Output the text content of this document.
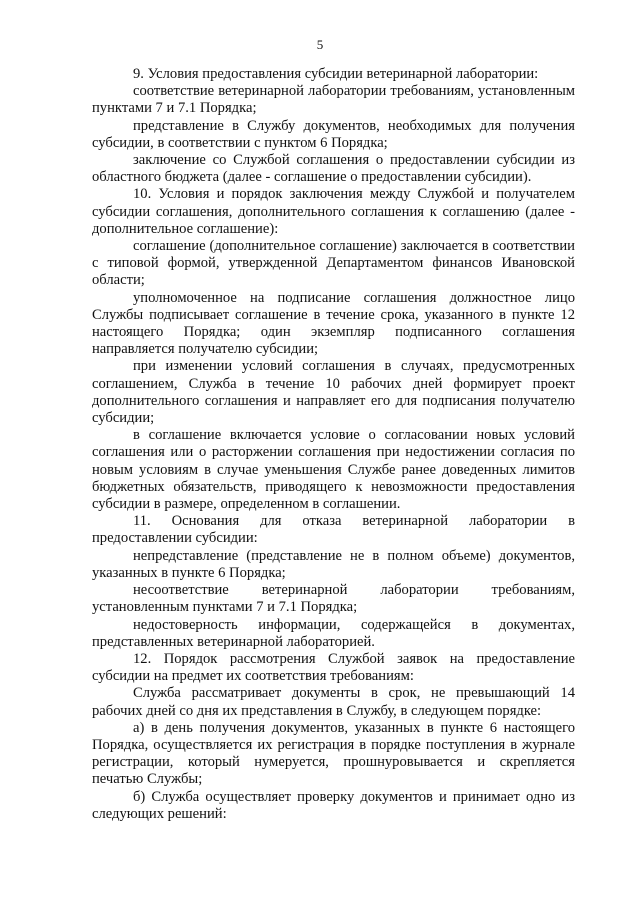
5

9. Условия предоставления субсидии ветеринарной лаборатории:

соответствие ветеринарной лаборатории требованиям, установленным пунктами 7 и 7.1 Порядка;

представление в Службу документов, необходимых для получения субсидии, в соответствии с пунктом 6 Порядка;

заключение со Службой соглашения о предоставлении субсидии из областного бюджета (далее - соглашение о предоставлении субсидии).

10. Условия и порядок заключения между Службой и получателем субсидии соглашения, дополнительного соглашения к соглашению (далее - дополнительное соглашение):

соглашение (дополнительное соглашение) заключается в соответствии с типовой формой, утвержденной Департаментом финансов Ивановской области;

уполномоченное на подписание соглашения должностное лицо Службы подписывает соглашение в течение срока, указанного в пункте 12 настоящего Порядка; один экземпляр подписанного соглашения направляется получателю субсидии;

при изменении условий соглашения в случаях, предусмотренных соглашением, Служба в течение 10 рабочих дней формирует проект дополнительного соглашения и направляет его для подписания получателю субсидии;

в соглашение включается условие о согласовании новых условий соглашения или о расторжении соглашения при недостижении согласия по новым условиям в случае уменьшения Службе ранее доведенных лимитов бюджетных обязательств, приводящего к невозможности предоставления субсидии в размере, определенном в соглашении.

11. Основания для отказа ветеринарной лаборатории в предоставлении субсидии:

непредставление (представление не в полном объеме) документов, указанных в пункте 6 Порядка;

несоответствие ветеринарной лаборатории требованиям, установленным пунктами 7 и 7.1 Порядка;

недостоверность информации, содержащейся в документах, представленных ветеринарной лабораторией.

12. Порядок рассмотрения Службой заявок на предоставление субсидии на предмет их соответствия требованиям:

Служба рассматривает документы в срок, не превышающий 14 рабочих дней со дня их представления в Службу, в следующем порядке:

а) в день получения документов, указанных в пункте 6 настоящего Порядка, осуществляется их регистрация в порядке поступления в журнале регистрации, который нумеруется, прошнуровывается и скрепляется печатью Службы;

б) Служба осуществляет проверку документов и принимает одно из следующих решений:
